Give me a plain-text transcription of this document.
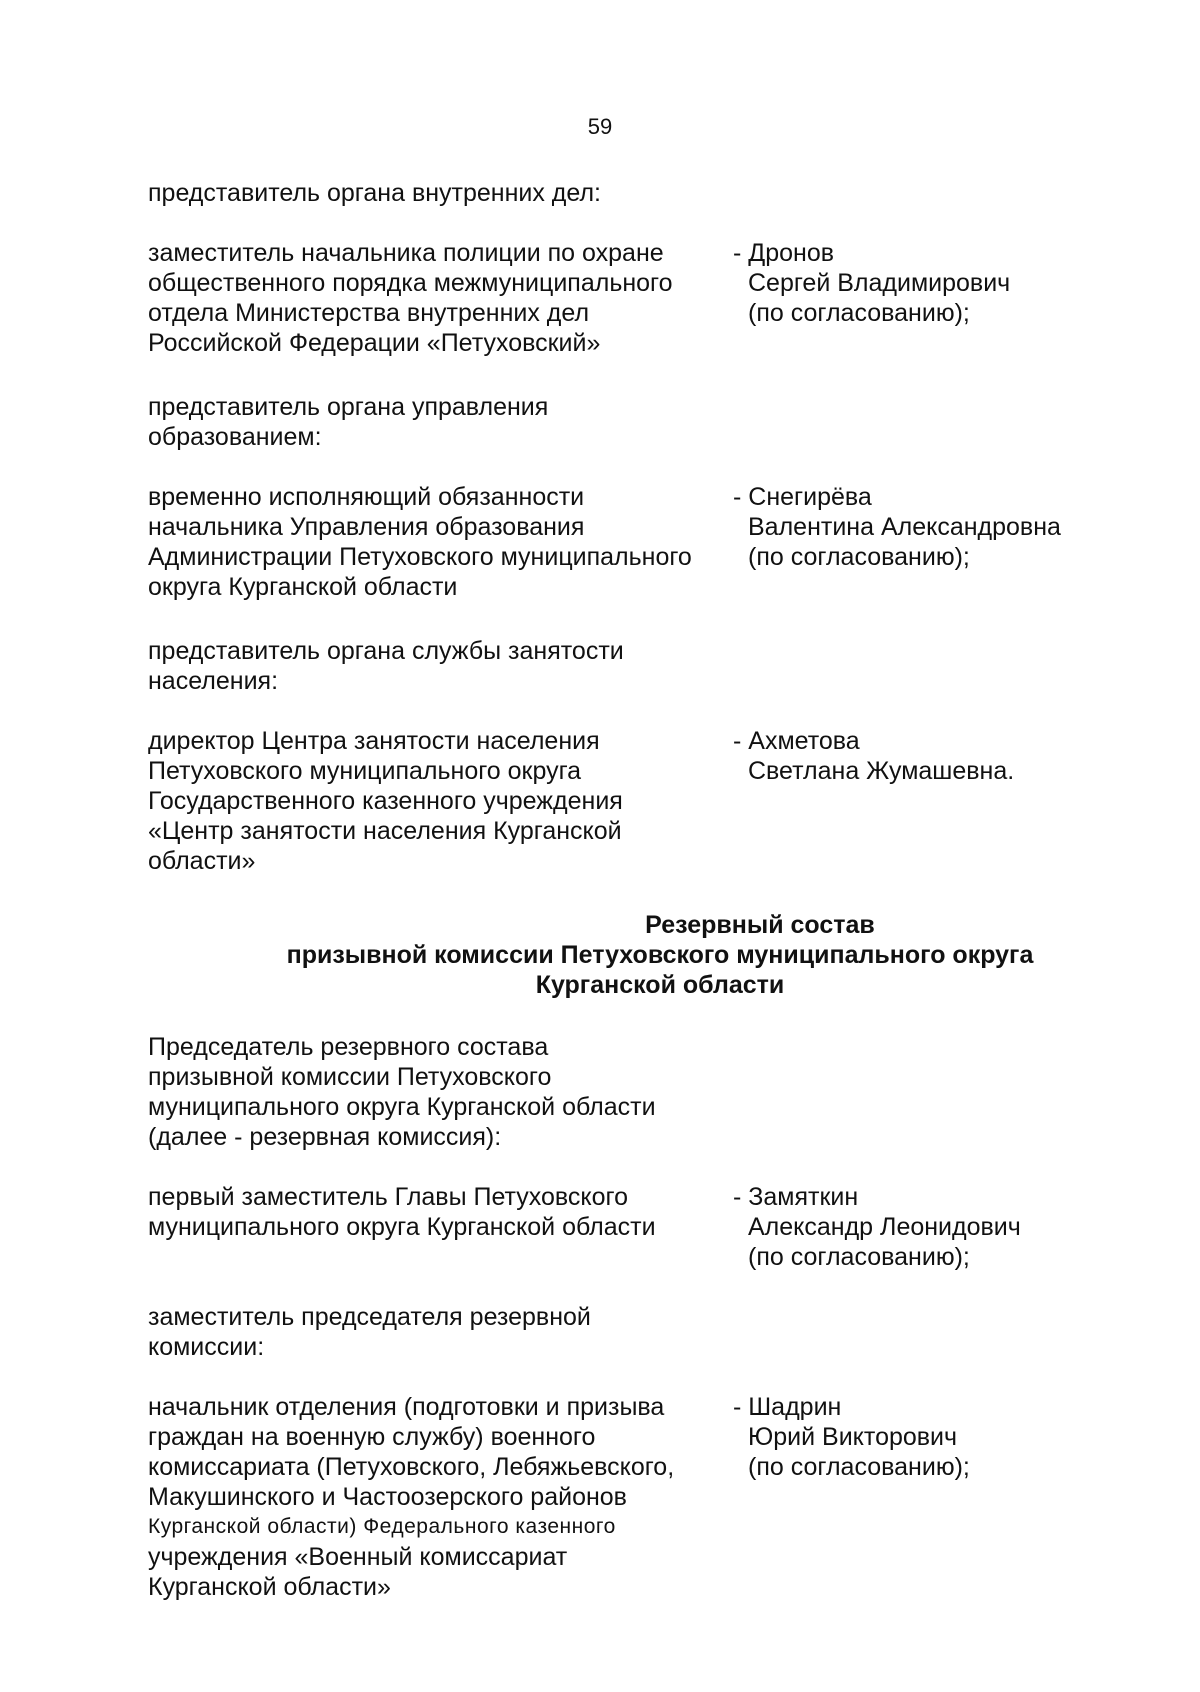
59
представитель органа внутренних дел:
заместитель начальника полиции по охране
общественного порядка межмуниципального
отдела Министерства внутренних дел
Российской Федерации «Петуховский»
- Дронов
Сергей Владимирович
(по согласованию);
представитель органа управления
образованием:
временно исполняющий обязанности
начальника Управления образования
Администрации Петуховского муниципального
округа Курганской области
- Снегирёва
Валентина Александровна
(по согласованию);
представитель органа службы занятости
населения:
директор Центра занятости населения
Петуховского муниципального округа
Государственного казенного учреждения
«Центр занятости населения Курганской
области»
- Ахметова
Светлана Жумашевна.
Резервный состав
призывной комиссии Петуховского муниципального округа
Курганской области
Председатель резервного состава
призывной комиссии Петуховского
муниципального округа Курганской области
(далее - резервная комиссия):
первый заместитель Главы Петуховского
муниципального округа Курганской области
- Замяткин
Александр Леонидович
(по согласованию);
заместитель председателя резервной
комиссии:
начальник отделения (подготовки и призыва
граждан на военную службу) военного
комиссариата (Петуховского, Лебяжьевского,
Макушинского и Частоозерского районов
Курганской области) Федерального казенного
учреждения «Военный комиссариат
Курганской области»
- Шадрин
Юрий Викторович
(по согласованию);
